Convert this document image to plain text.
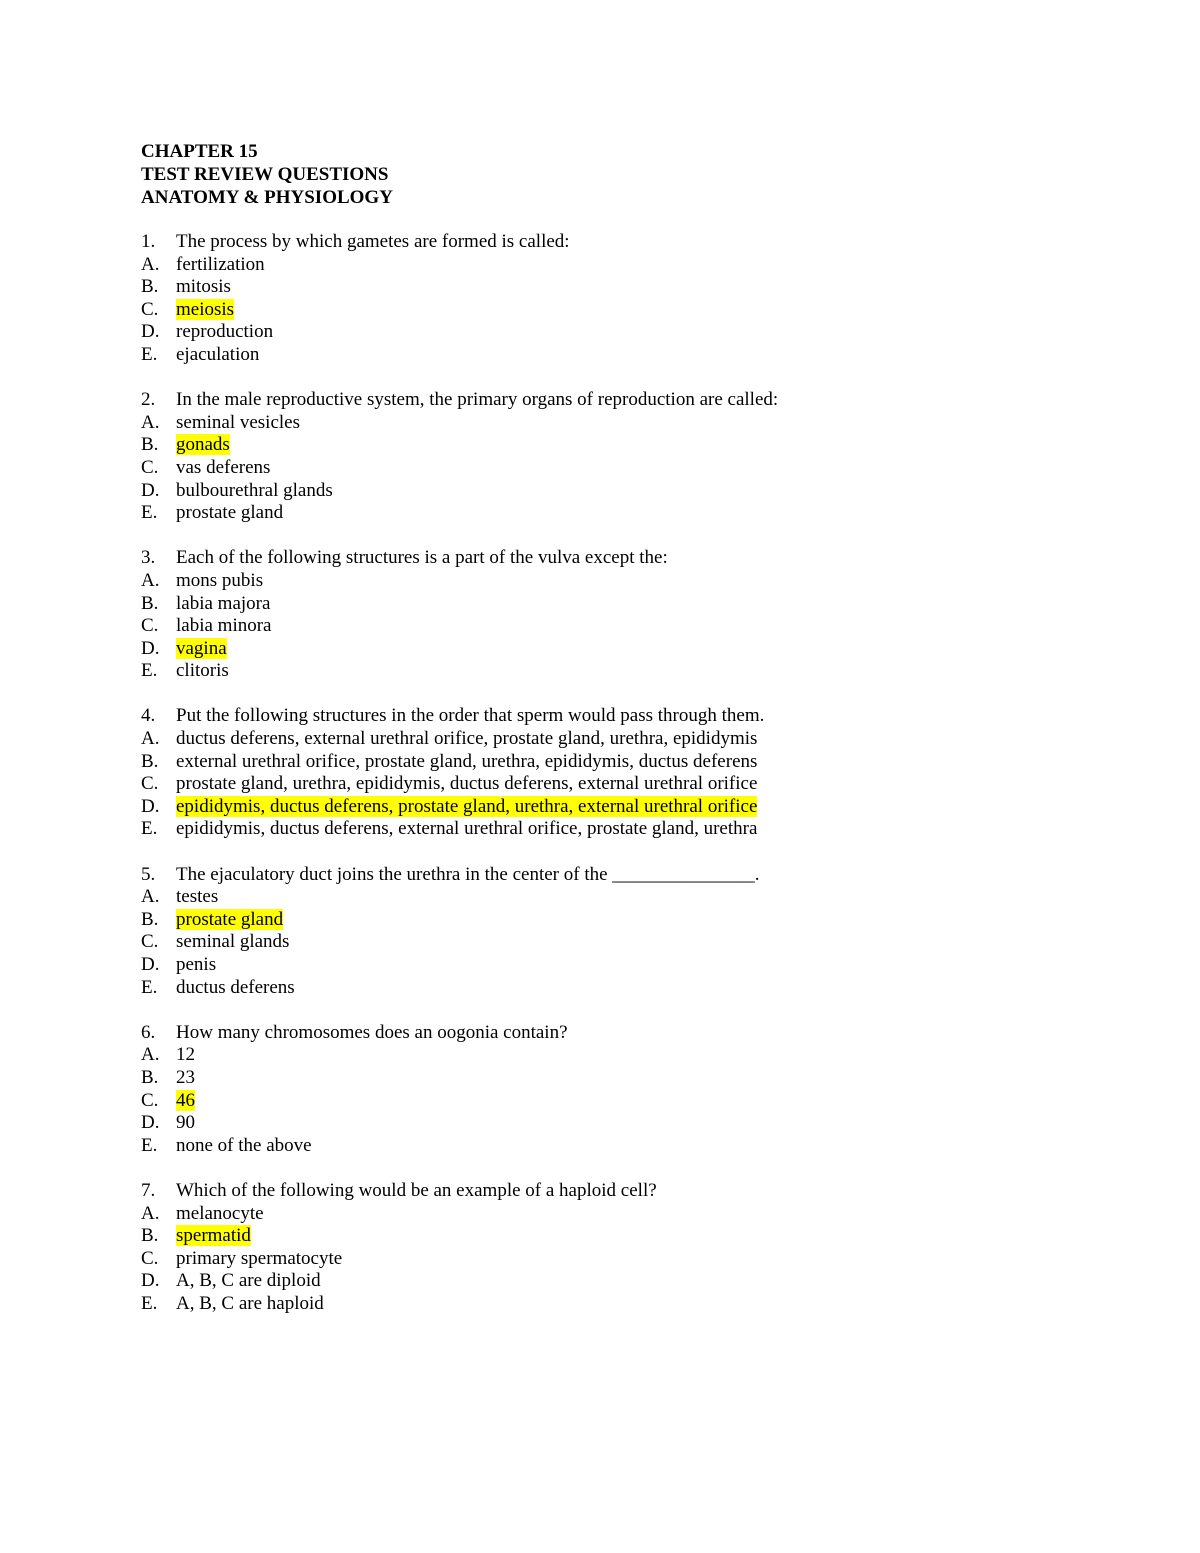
CHAPTER 15
TEST REVIEW QUESTIONS
ANATOMY & PHYSIOLOGY
1. The process by which gametes are formed is called:
A. fertilization
B. mitosis
C. meiosis
D. reproduction
E. ejaculation
2. In the male reproductive system, the primary organs of reproduction are called:
A. seminal vesicles
B. gonads
C. vas deferens
D. bulbourethral glands
E. prostate gland
3. Each of the following structures is a part of the vulva except the:
A. mons pubis
B. labia majora
C. labia minora
D. vagina
E. clitoris
4. Put the following structures in the order that sperm would pass through them.
A. ductus deferens, external urethral orifice, prostate gland, urethra, epididymis
B. external urethral orifice, prostate gland, urethra, epididymis, ductus deferens
C. prostate gland, urethra, epididymis, ductus deferens, external urethral orifice
D. epididymis, ductus deferens, prostate gland, urethra, external urethral orifice
E. epididymis, ductus deferens, external urethral orifice, prostate gland, urethra
5. The ejaculatory duct joins the urethra in the center of the _______________.
A. testes
B. prostate gland
C. seminal glands
D. penis
E. ductus deferens
6. How many chromosomes does an oogonia contain?
A. 12
B. 23
C. 46
D. 90
E. none of the above
7. Which of the following would be an example of a haploid cell?
A. melanocyte
B. spermatid
C. primary spermatocyte
D. A, B, C are diploid
E. A, B, C are haploid
